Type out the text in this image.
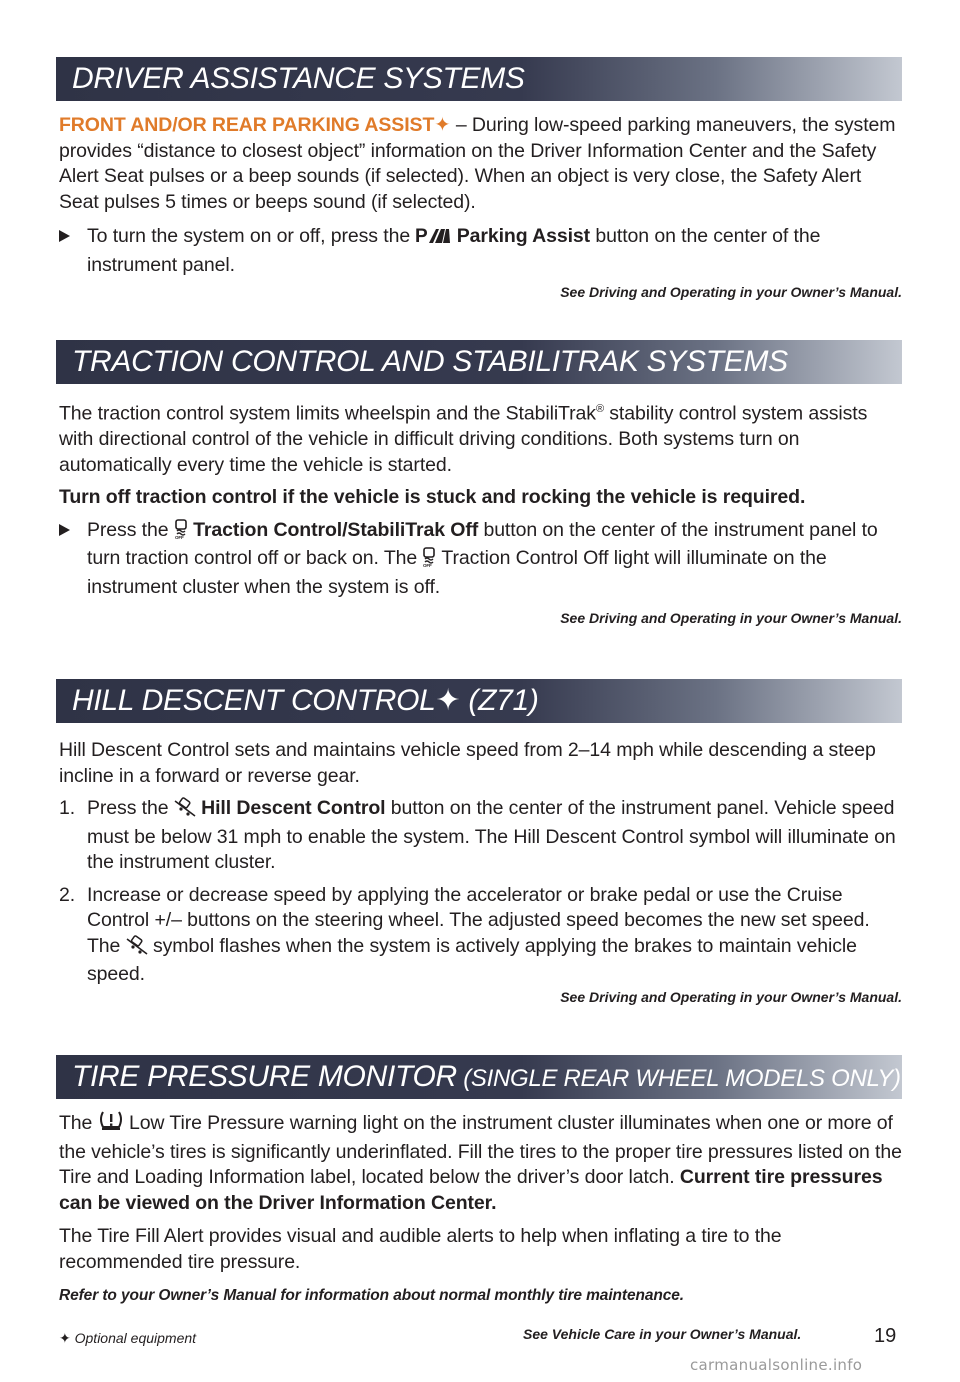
DRIVER ASSISTANCE SYSTEMS

FRONT AND/OR REAR PARKING ASSIST✦ – During low-speed parking maneuvers, the system provides “distance to closest object” information on the Driver Information Center and the Safety Alert Seat pulses or a beep sounds (if selected). When an object is very close, the Safety Alert Seat pulses 5 times or beeps sound (if selected).

To turn the system on or off, press the P Parking Assist button on the center of the instrument panel.

See Driving and Operating in your Owner’s Manual.
TRACTION CONTROL AND STABILITRAK SYSTEMS

The traction control system limits wheelspin and the StabiliTrak® stability control system assists with directional control of the vehicle in difficult driving conditions. Both systems turn on automatically every time the vehicle is started.

Turn off traction control if the vehicle is stuck and rocking the vehicle is required.

Press the OFF Traction Control/StabiliTrak Off button on the center of the instrument panel to turn traction control off or back on. The OFF Traction Control Off light will illuminate on the instrument cluster when the system is off.

See Driving and Operating in your Owner’s Manual.
HILL DESCENT CONTROL✦ (Z71)

Hill Descent Control sets and maintains vehicle speed from 2–14 mph while descending a steep incline in a forward or reverse gear.

1. Press the  Hill Descent Control button on the center of the instrument panel. Vehicle speed must be below 31 mph to enable the system. The Hill Descent Control symbol will illuminate on the instrument cluster.

2. Increase or decrease speed by applying the accelerator or brake pedal or use the Cruise Control +/– buttons on the steering wheel. The adjusted speed becomes the new set speed. The  symbol flashes when the system is actively applying the brakes to maintain vehicle speed.

See Driving and Operating in your Owner’s Manual.
TIRE PRESSURE MONITOR (SINGLE REAR WHEEL MODELS ONLY)

The  Low Tire Pressure warning light on the instrument cluster illuminates when one or more of the vehicle’s tires is significantly underinflated. Fill the tires to the proper tire pressures listed on the Tire and Loading Information label, located below the driver’s door latch. Current tire pressures can be viewed on the Driver Information Center.

The Tire Fill Alert provides visual and audible alerts to help when inflating a tire to the recommended tire pressure.

Refer to your Owner’s Manual for information about normal monthly tire maintenance.

✦ Optional equipment	See Vehicle Care in your Owner’s Manual.	19
carmanualsonline.info
